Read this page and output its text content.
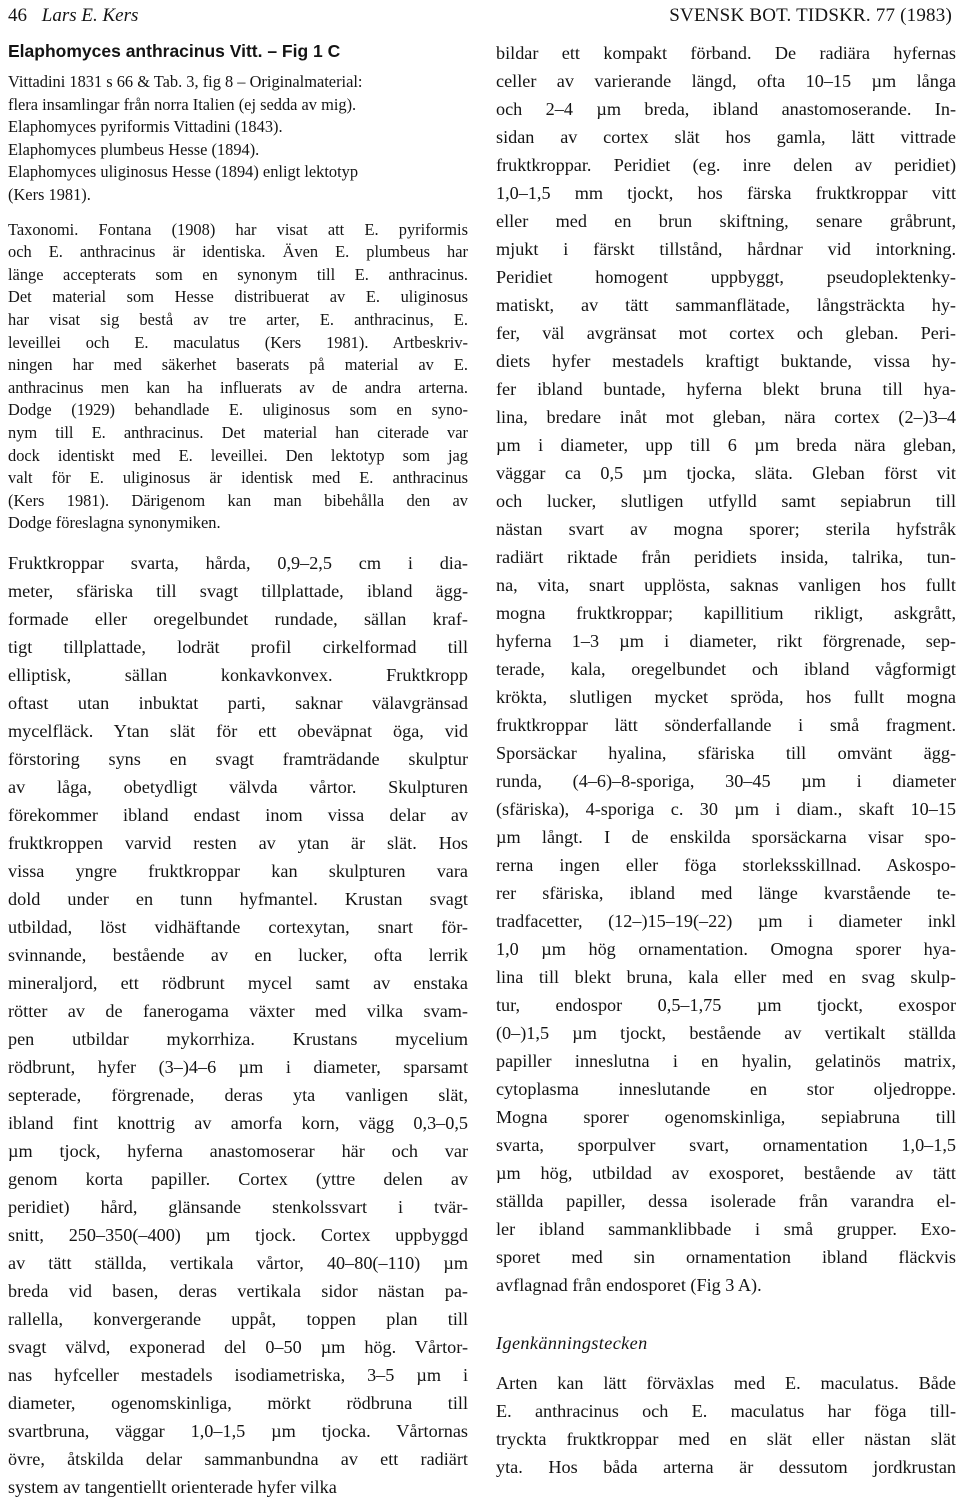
46 Lars E. Kers	SVENSK BOT. TIDSKR. 77 (1983)
Elaphomyces anthracinus Vitt. – Fig 1 C
Vittadini 1831 s 66 & Tab. 3, fig 8 – Originalmaterial:
flera insamlingar från norra Italien (ej sedda av mig).
Elaphomyces pyriformis Vittadini (1843).
Elaphomyces plumbeus Hesse (1894).
Elaphomyces uliginosus Hesse (1894) enligt lektotyp
(Kers 1981).
Taxonomi. Fontana (1908) har visat att E. pyriformis
och E. anthracinus är identiska. Även E. plumbeus har
länge accepterats som en synonym till E. anthracinus.
Det material som Hesse distribuerat av E. uliginosus
har visat sig bestå av tre arter, E. anthracinus, E.
leveillei och E. maculatus (Kers 1981). Artbeskriv-
ningen har med säkerhet baserats på material av E.
anthracinus men kan ha influerats av de andra arterna.
Dodge (1929) behandlade E. uliginosus som en syno-
nym till E. anthracinus. Det material han citerade var
dock identiskt med E. leveillei. Den lektotyp som jag
valt för E. uliginosus är identisk med E. anthracinus
(Kers 1981). Därigenom kan man bibehålla den av
Dodge föreslagna synonymiken.
Fruktkroppar svarta, hårda, 0,9–2,5 cm i dia-
meter, sfäriska till svagt tillplattade, ibland ägg-
formade eller oregelbundet rundade, sällan kraf-
tigt tillplattade, lodrät profil cirkelformad till
elliptisk, sällan konkavkonvex. Fruktkropp
oftast utan inbuktat parti, saknar välavgränsad
mycelfläck. Ytan slät för ett obeväpnat öga, vid
förstoring syns en svagt framträdande skulptur
av låga, obetydligt välvda vårtor. Skulpturen
förekommer ibland endast inom vissa delar av
fruktkroppen varvid resten av ytan är slät. Hos
vissa yngre fruktkroppar kan skulpturen vara
dold under en tunn hyfmantel. Krustan svagt
utbildad, löst vidhäftande cortexytan, snart för-
svinnande, bestående av en lucker, ofta lerrik
mineraljord, ett rödbrunt mycel samt av enstaka
rötter av de fanerogama växter med vilka svam-
pen utbildar mykorrhiza. Krustans mycelium
rödbrunt, hyfer (3–)4–6 µm i diameter, sparsamt
septerade, förgrenade, deras yta vanligen slät,
ibland fint knottrig av amorfa korn, vägg 0,3–0,5
µm tjock, hyferna anastomoserar här och var
genom korta papiller. Cortex (yttre delen av
peridiet) hård, glänsande stenkolssvart i tvär-
snitt, 250–350(–400) µm tjock. Cortex uppbyggd
av tätt ställda, vertikala vårtor, 40–80(–110) µm
breda vid basen, deras vertikala sidor nästan pa-
rallella, konvergerande uppåt, toppen plan till
svagt välvd, exponerad del 0–50 µm hög. Vårtor-
nas hyfceller mestadels isodiametriska, 3–5 µm i
diameter, ogenomskinliga, mörkt rödbruna till
svartbruna, väggar 1,0–1,5 µm tjocka. Vårtornas
övre, åtskilda delar sammanbundna av ett radiärt
system av tangentiellt orienterade hyfer vilka
bildar ett kompakt förband. De radiära hyfernas
celler av varierande längd, ofta 10–15 µm långa
och 2–4 µm breda, ibland anastomoserande. In-
sidan av cortex slät hos gamla, lätt vittrade
fruktkroppar. Peridiet (eg. inre delen av peridiet)
1,0–1,5 mm tjockt, hos färska fruktkroppar vitt
eller med en brun skiftning, senare gråbrunt,
mjukt i färskt tillstånd, hårdnar vid intorkning.
Peridiet homogent uppbyggt, pseudoplektenky-
matiskt, av tätt sammanflätade, långsträckta hy-
fer, väl avgränsat mot cortex och gleban. Peri-
diets hyfer mestadels kraftigt buktande, vissa hy-
fer ibland buntade, hyferna blekt bruna till hya-
lina, bredare inåt mot gleban, nära cortex (2–)3–4
µm i diameter, upp till 6 µm breda nära gleban,
väggar ca 0,5 µm tjocka, släta. Gleban först vit
och lucker, slutligen utfylld samt sepiabrun till
nästan svart av mogna sporer; sterila hyfstråk
radiärt riktade från peridiets insida, talrika, tun-
na, vita, snart upplösta, saknas vanligen hos fullt
mogna fruktkroppar; kapillitium rikligt, askgrått,
hyferna 1–3 µm i diameter, rikt förgrenade, sep-
terade, kala, oregelbundet och ibland vågformigt
krökta, slutligen mycket spröda, hos fullt mogna
fruktkroppar lätt sönderfallande i små fragment.
Sporsäckar hyalina, sfäriska till omvänt ägg-
runda, (4–6)–8-sporiga, 30–45 µm i diameter
(sfäriska), 4-sporiga c. 30 µm i diam., skaft 10–15
µm långt. I de enskilda sporsäckarna visar spo-
rerna ingen eller föga storleksskillnad. Askospo-
rer sfäriska, ibland med länge kvarstående te-
tradfacetter, (12–)15–19(–22) µm i diameter inkl
1,0 µm hög ornamentation. Omogna sporer hya-
lina till blekt bruna, kala eller med en svag skulp-
tur, endospor 0,5–1,75 µm tjockt, exospor
(0–)1,5 µm tjockt, bestående av vertikalt ställda
papiller inneslutna i en hyalin, gelatinös matrix,
cytoplasma inneslutande en stor oljedroppe.
Mogna sporer ogenomskinliga, sepiabruna till
svarta, sporpulver svart, ornamentation 1,0–1,5
µm hög, utbildad av exosporet, bestående av tätt
ställda papiller, dessa isolerade från varandra el-
ler ibland sammanklibbade i små grupper. Exo-
sporet med sin ornamentation ibland fläckvis
avflagnad från endosporet (Fig 3 A).
Igenkänningstecken
Arten kan lätt förväxlas med E. maculatus. Både
E. anthracinus och E. maculatus har föga till-
tryckta fruktkroppar med en slät eller nästan slät
yta. Hos båda arterna är dessutom jordkrustan
